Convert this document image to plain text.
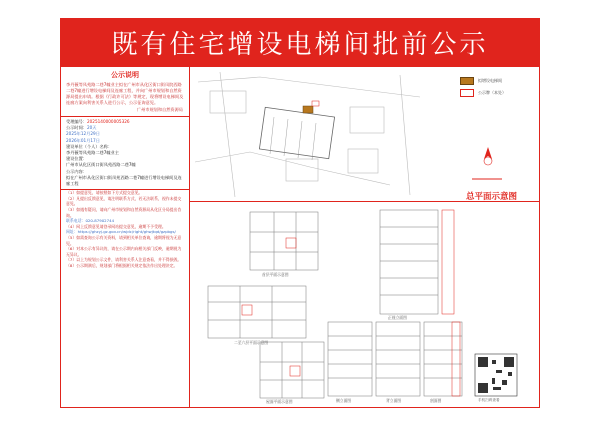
既有住宅增设电梯间批前公示
公示说明
李丹薇等凤苑路二巷7幢业主拟在广州市从化区街口街凤院西路二巷7幢进行增设电梯间及连廊工程，并向广州市规划和自然资源局提出申请。根据《行政许可法》等规定，现将增设电梯间及连廊方案向利害关系人进行公示，公示征询意见。
广州市规划和自然资源局
受理编号：2025140000005326
公示时间：20天
2025年12月29日
2026年01月17日
建设单位（个人）名称：
李丹薇等凤苑路二巷7幢业主
建设位置：
广州市从化区街口街凤苑西路二巷7幢
公示内容：
拟在广州市从化区街口街凤苑西路二巷7幢进行增设电梯间及连廊工程

（1）如提意见，请按照如下方式提交意见。

（2）凡提出反馈意见，请注明联系方式，若无法联系，视作未提交意见。

（3）如遇有疑问，请向广州市规划和自然资源局从化区分局提出咨询。

联系电话：020-87902744

（4）网上反馈意见请登录网站提交意见，逾期不予受理。

网址：https://ghzyj.gz.gov.cn/wjdc/right/ghwjtqd/gzpbgs/

（5）如需查询公示有关资料，请到相关单位查询，逾期将视为无意见。

（6）对本公示有异议的，请在公示期内向相关部门反映，逾期视为无异议。

（7）以上为规划公示文件，请利害关系人注意查看，并不得损毁。

（8）公示期满后，规划部门将根据相关规定依法作出处理决定。

拟增设电梯间
公示牌（本处）
总平面示意图
首层平面示意图
二至六层平面示意图
正视立面图
侧立面图	背立面图	剖面图
屋面平面示意图	手机扫码查看
